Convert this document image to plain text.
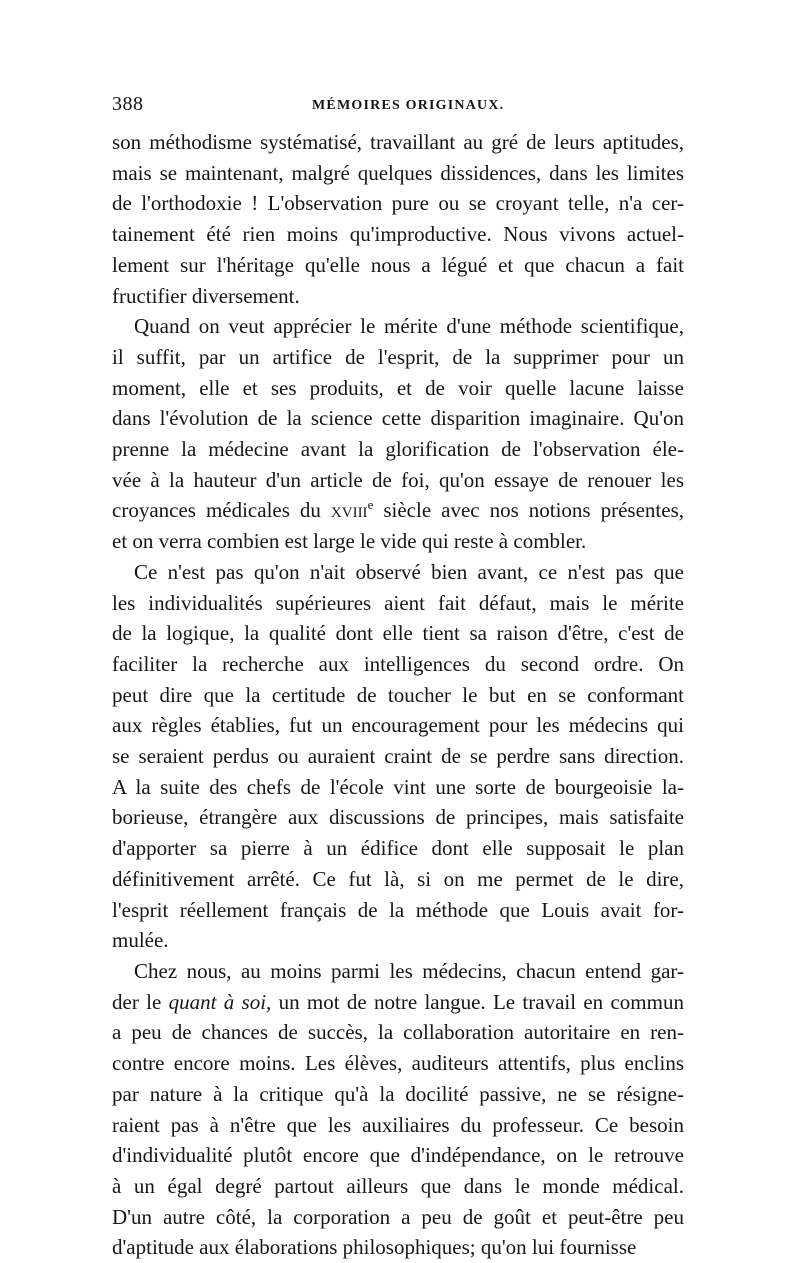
388	MÉMOIRES ORIGINAUX.

son méthodisme systématisé, travaillant au gré de leurs aptitudes,
mais se maintenant, malgré quelques dissidences, dans les limites
de l'orthodoxie ! L'observation pure ou se croyant telle, n'a cer-
tainement été rien moins qu'improductive. Nous vivons actuel-
lement sur l'héritage qu'elle nous a légué et que chacun a fait
fructifier diversement.

Quand on veut apprécier le mérite d'une méthode scientifique,
il suffit, par un artifice de l'esprit, de la supprimer pour un
moment, elle et ses produits, et de voir quelle lacune laisse
dans l'évolution de la science cette disparition imaginaire. Qu'on
prenne la médecine avant la glorification de l'observation éle-
vée à la hauteur d'un article de foi, qu'on essaye de renouer les
croyances médicales du xviii$^e$ siècle avec nos notions présentes,
et on verra combien est large le vide qui reste à combler.

Ce n'est pas qu'on n'ait observé bien avant, ce n'est pas que
les individualités supérieures aient fait défaut, mais le mérite
de la logique, la qualité dont elle tient sa raison d'être, c'est de
faciliter la recherche aux intelligences du second ordre. On
peut dire que la certitude de toucher le but en se conformant
aux règles établies, fut un encouragement pour les médecins qui
se seraient perdus ou auraient craint de se perdre sans direction.
A la suite des chefs de l'école vint une sorte de bourgeoisie la-
borieuse, étrangère aux discussions de principes, mais satisfaite
d'apporter sa pierre à un édifice dont elle supposait le plan
définitivement arrêté. Ce fut là, si on me permet de le dire,
l'esprit réellement français de la méthode que Louis avait for-
mulée.

Chez nous, au moins parmi les médecins, chacun entend gar-
der le quant à soi, un mot de notre langue. Le travail en commun
a peu de chances de succès, la collaboration autoritaire en ren-
contre encore moins. Les élèves, auditeurs attentifs, plus enclins
par nature à la critique qu'à la docilité passive, ne se résigne-
raient pas à n'être que les auxiliaires du professeur. Ce besoin
d'individualité plutôt encore que d'indépendance, on le retrouve
à un égal degré partout ailleurs que dans le monde médical.
D'un autre côté, la corporation a peu de goût et peut-être peu
d'aptitude aux élaborations philosophiques; qu'on lui fournisse
